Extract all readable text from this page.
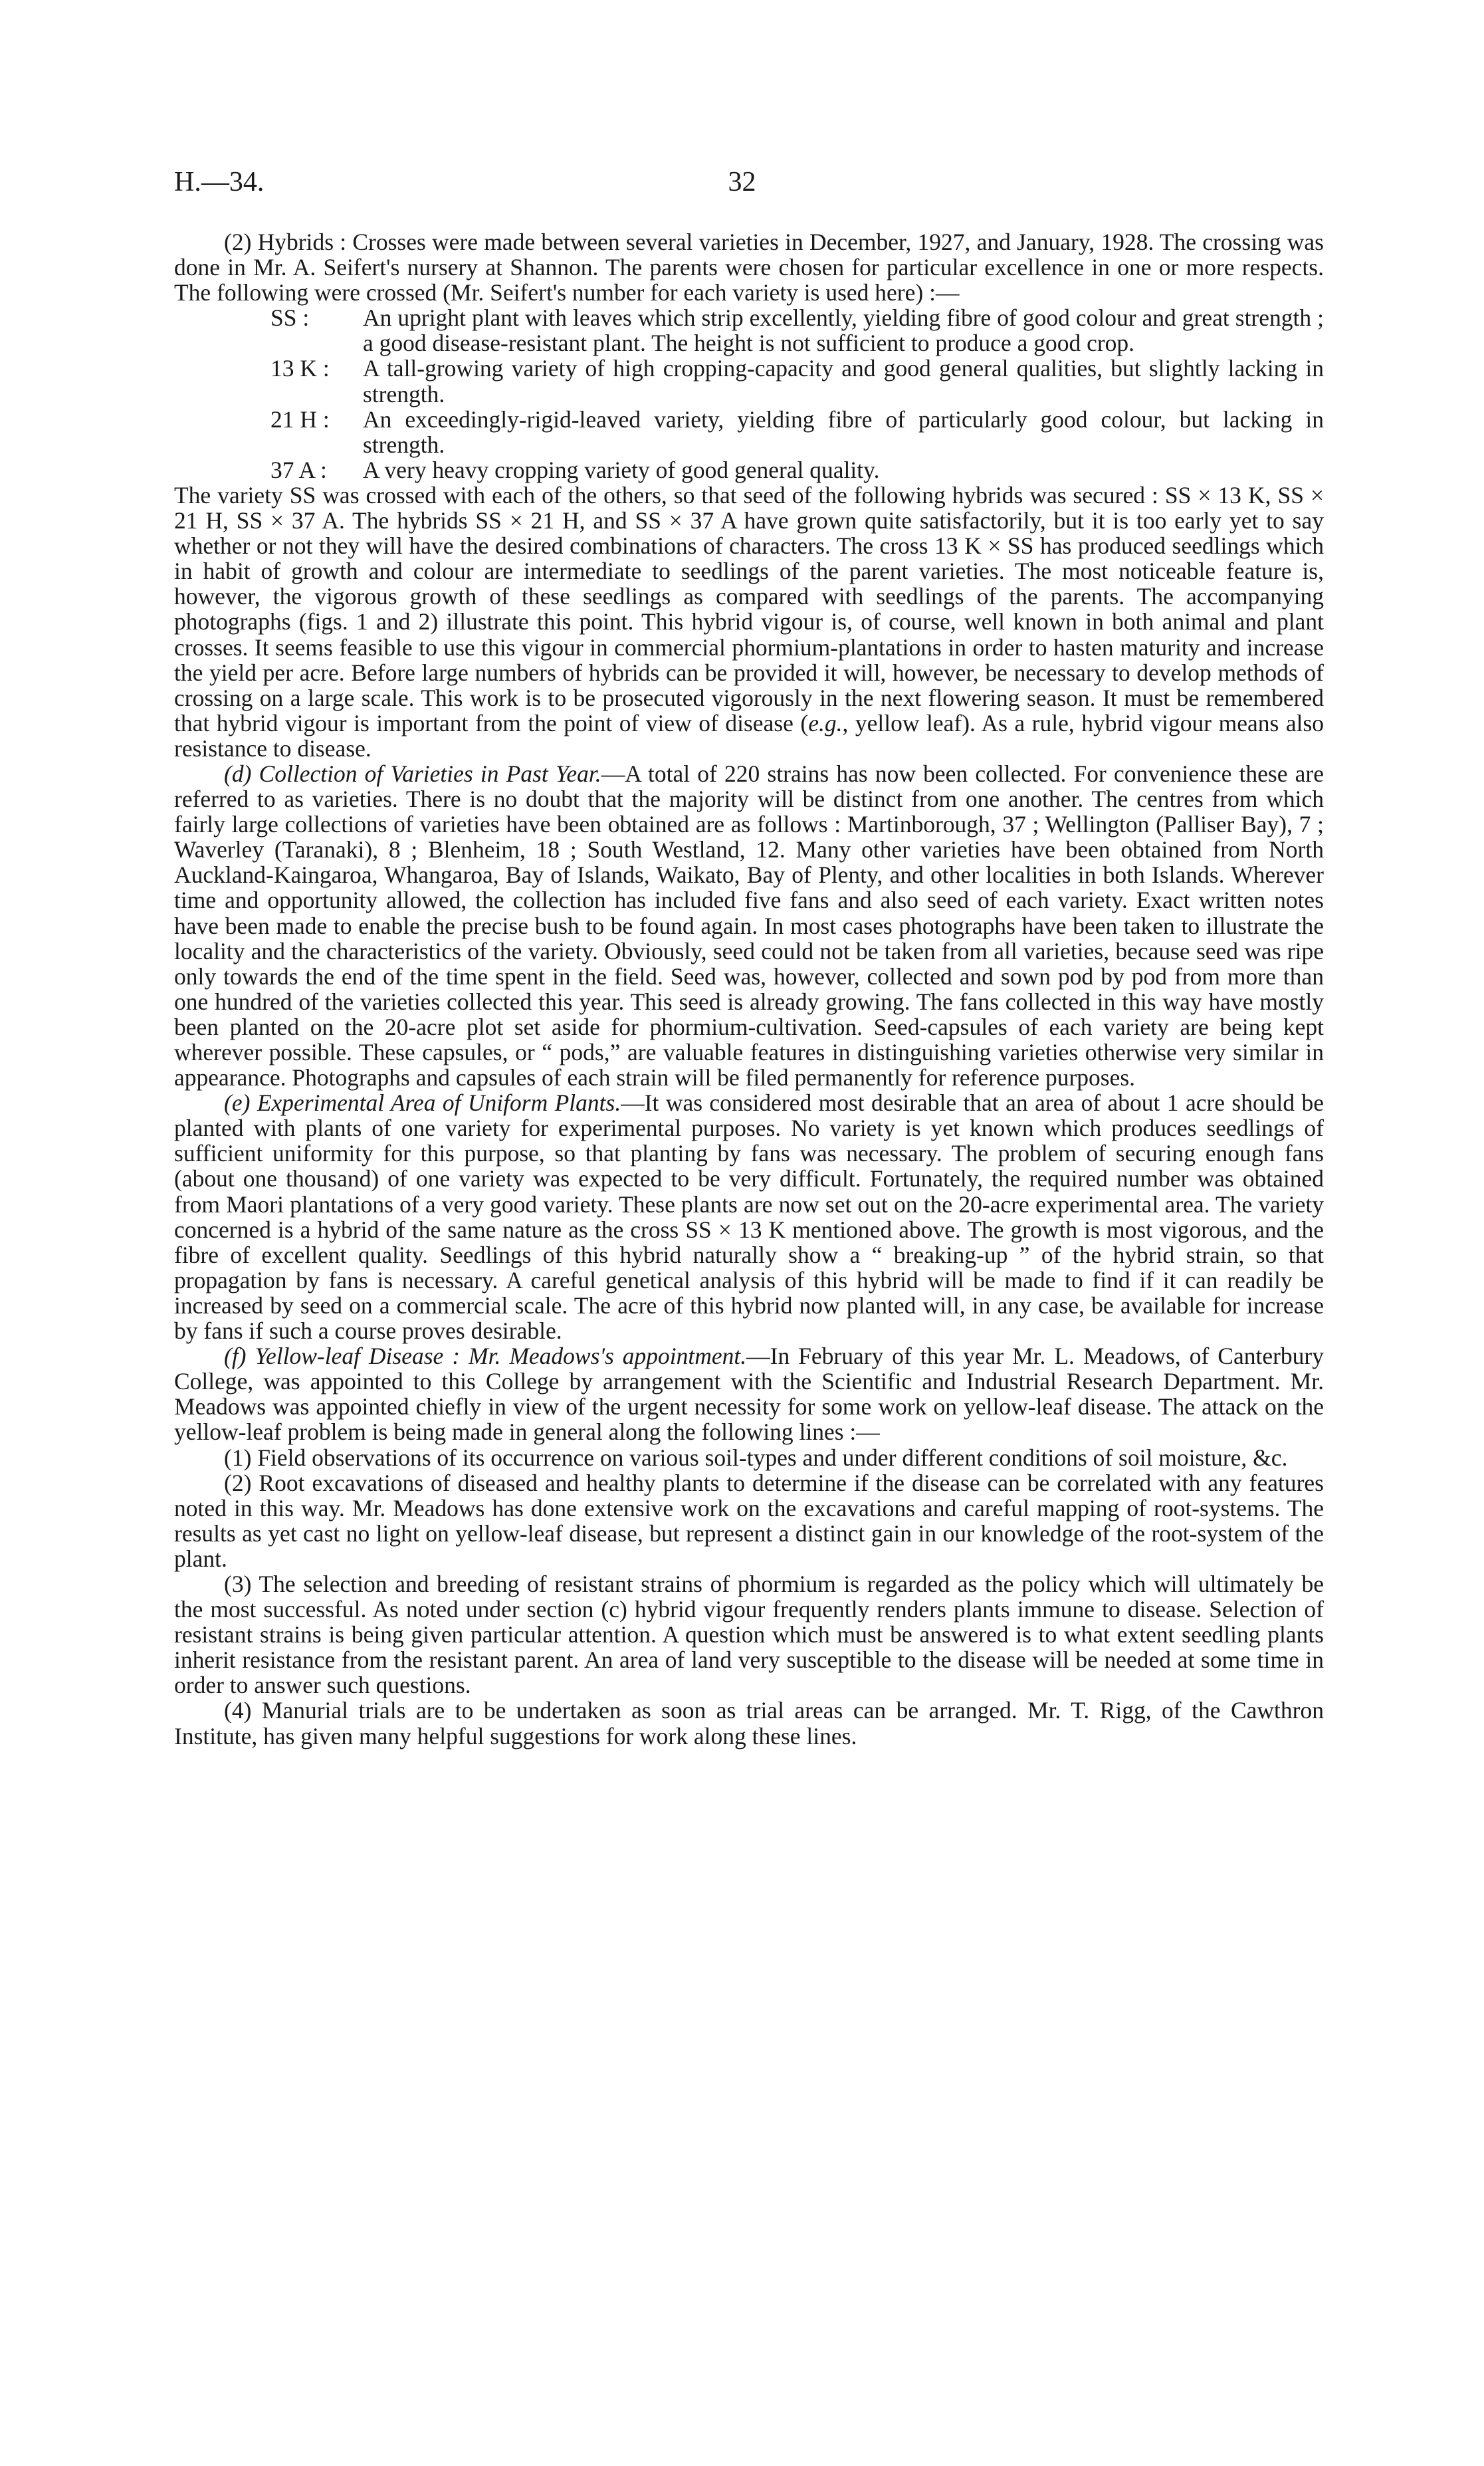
H.—34.	32

(2) Hybrids : Crosses were made between several varieties in December, 1927, and January, 1928. The crossing was done in Mr. A. Seifert's nursery at Shannon. The parents were chosen for particular excellence in one or more respects. The following were crossed (Mr. Seifert's number for each variety is used here) :—

SS : An upright plant with leaves which strip excellently, yielding fibre of good colour and great strength ; a good disease-resistant plant. The height is not sufficient to produce a good crop.
13 K : A tall-growing variety of high cropping-capacity and good general qualities, but slightly lacking in strength.
21 H : An exceedingly-rigid-leaved variety, yielding fibre of particularly good colour, but lacking in strength.
37 A : A very heavy cropping variety of good general quality.

The variety SS was crossed with each of the others, so that seed of the following hybrids was secured : SS × 13 K, SS × 21 H, SS × 37 A. The hybrids SS × 21 H, and SS × 37 A have grown quite satisfactorily, but it is too early yet to say whether or not they will have the desired combinations of characters. The cross 13 K × SS has produced seedlings which in habit of growth and colour are intermediate to seedlings of the parent varieties. The most noticeable feature is, however, the vigorous growth of these seedlings as compared with seedlings of the parents. The accompanying photographs (figs. 1 and 2) illustrate this point. This hybrid vigour is, of course, well known in both animal and plant crosses. It seems feasible to use this vigour in commercial phormium-plantations in order to hasten maturity and increase the yield per acre. Before large numbers of hybrids can be provided it will, however, be necessary to develop methods of crossing on a large scale. This work is to be prosecuted vigorously in the next flowering season. It must be remembered that hybrid vigour is important from the point of view of disease (e.g., yellow leaf). As a rule, hybrid vigour means also resistance to disease.

(d) Collection of Varieties in Past Year.—A total of 220 strains has now been collected. For convenience these are referred to as varieties. There is no doubt that the majority will be distinct from one another. The centres from which fairly large collections of varieties have been obtained are as follows : Martinborough, 37 ; Wellington (Palliser Bay), 7 ; Waverley (Taranaki), 8 ; Blenheim, 18 ; South Westland, 12. Many other varieties have been obtained from North Auckland-Kaingaroa, Whangaroa, Bay of Islands, Waikato, Bay of Plenty, and other localities in both Islands. Wherever time and opportunity allowed, the collection has included five fans and also seed of each variety. Exact written notes have been made to enable the precise bush to be found again. In most cases photographs have been taken to illustrate the locality and the characteristics of the variety. Obviously, seed could not be taken from all varieties, because seed was ripe only towards the end of the time spent in the field. Seed was, however, collected and sown pod by pod from more than one hundred of the varieties collected this year. This seed is already growing. The fans collected in this way have mostly been planted on the 20-acre plot set aside for phormium-cultivation. Seed-capsules of each variety are being kept wherever possible. These capsules, or “ pods,” are valuable features in distinguishing varieties otherwise very similar in appearance. Photographs and capsules of each strain will be filed permanently for reference purposes.

(e) Experimental Area of Uniform Plants.—It was considered most desirable that an area of about 1 acre should be planted with plants of one variety for experimental purposes. No variety is yet known which produces seedlings of sufficient uniformity for this purpose, so that planting by fans was necessary. The problem of securing enough fans (about one thousand) of one variety was expected to be very difficult. Fortunately, the required number was obtained from Maori plantations of a very good variety. These plants are now set out on the 20-acre experimental area. The variety concerned is a hybrid of the same nature as the cross SS × 13 K mentioned above. The growth is most vigorous, and the fibre of excellent quality. Seedlings of this hybrid naturally show a “ breaking-up ” of the hybrid strain, so that propagation by fans is necessary. A careful genetical analysis of this hybrid will be made to find if it can readily be increased by seed on a commercial scale. The acre of this hybrid now planted will, in any case, be available for increase by fans if such a course proves desirable.

(f) Yellow-leaf Disease : Mr. Meadows's appointment.—In February of this year Mr. L. Meadows, of Canterbury College, was appointed to this College by arrangement with the Scientific and Industrial Research Department. Mr. Meadows was appointed chiefly in view of the urgent necessity for some work on yellow-leaf disease. The attack on the yellow-leaf problem is being made in general along the following lines :—

(1) Field observations of its occurrence on various soil-types and under different conditions of soil moisture, &c.

(2) Root excavations of diseased and healthy plants to determine if the disease can be correlated with any features noted in this way. Mr. Meadows has done extensive work on the excavations and careful mapping of root-systems. The results as yet cast no light on yellow-leaf disease, but represent a distinct gain in our knowledge of the root-system of the plant.

(3) The selection and breeding of resistant strains of phormium is regarded as the policy which will ultimately be the most successful. As noted under section (c) hybrid vigour frequently renders plants immune to disease. Selection of resistant strains is being given particular attention. A question which must be answered is to what extent seedling plants inherit resistance from the resistant parent. An area of land very susceptible to the disease will be needed at some time in order to answer such questions.

(4) Manurial trials are to be undertaken as soon as trial areas can be arranged. Mr. T. Rigg, of the Cawthron Institute, has given many helpful suggestions for work along these lines.
